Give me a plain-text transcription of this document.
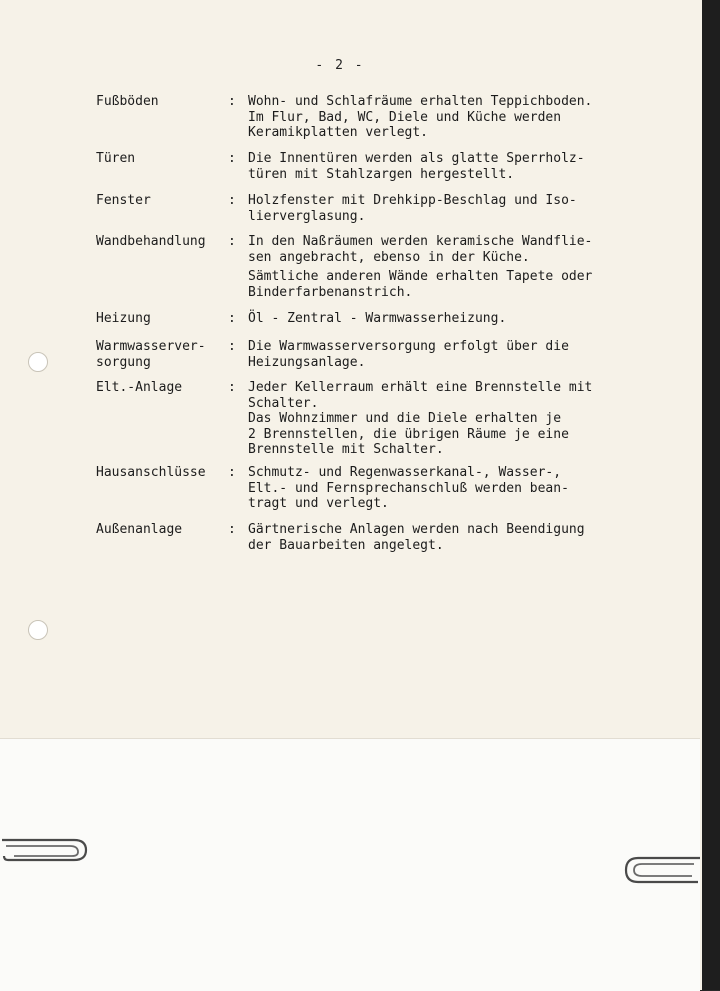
- 2 -
Fußböden	: Wohn- und Schlafräume erhalten Teppichboden.
Im Flur, Bad, WC, Diele und Küche werden
Keramikplatten verlegt.

Türen	: Die Innentüren werden als glatte Sperrholz-
türen mit Stahlzargen hergestellt.

Fenster	: Holzfenster mit Drehkipp-Beschlag und Iso-
lierverglasung.

Wandbehandlung	: In den Naßräumen werden keramische Wandflie-
sen angebracht, ebenso in der Küche.

Sämtliche anderen Wände erhalten Tapete oder
Binderfarbenanstrich.

Heizung	: Öl - Zentral - Warmwasserheizung.

Warmwasserver-
sorgung
: Die Warmwasserversorgung erfolgt über die
Heizungsanlage.

Elt.-Anlage	: Jeder Kellerraum erhält eine Brennstelle mit
Schalter.
Das Wohnzimmer und die Diele erhalten je
2 Brennstellen, die übrigen Räume je eine
Brennstelle mit Schalter.

Hausanschlüsse	: Schmutz- und Regenwasserkanal-, Wasser-,
Elt.- und Fernsprechanschluß werden bean-
tragt und verlegt.

Außenanlage	: Gärtnerische Anlagen werden nach Beendigung
der Bauarbeiten angelegt.
